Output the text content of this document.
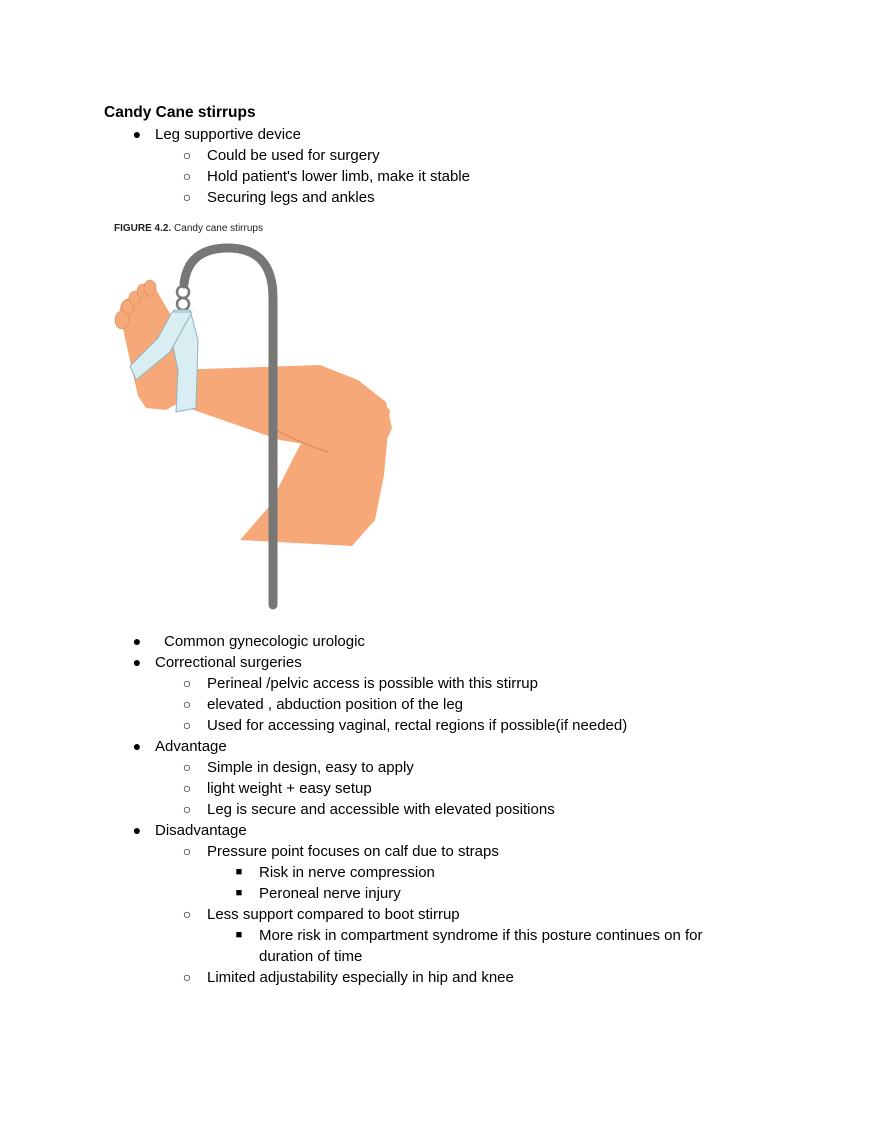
Candy Cane stirrups
● Leg supportive device
○ Could be used for surgery
○ Hold patient's lower limb, make it stable
○ Securing legs and ankles
FIGURE 4.2. Candy cane stirrups
● Common gynecologic urologic
● Correctional surgeries
○ Perineal /pelvic access is possible with this stirrup
○ elevated , abduction position of the leg
○ Used for accessing vaginal, rectal regions if possible(if needed)
● Advantage
○ Simple in design, easy to apply
○ light weight + easy setup
○ Leg is secure and accessible with elevated positions
● Disadvantage
○ Pressure point focuses on calf due to straps
■	Risk in nerve compression
■	Peroneal nerve injury
○ Less support compared to boot stirrup
■	More risk in compartment syndrome if this posture continues on for
duration of time
○ Limited adjustability especially in hip and knee
